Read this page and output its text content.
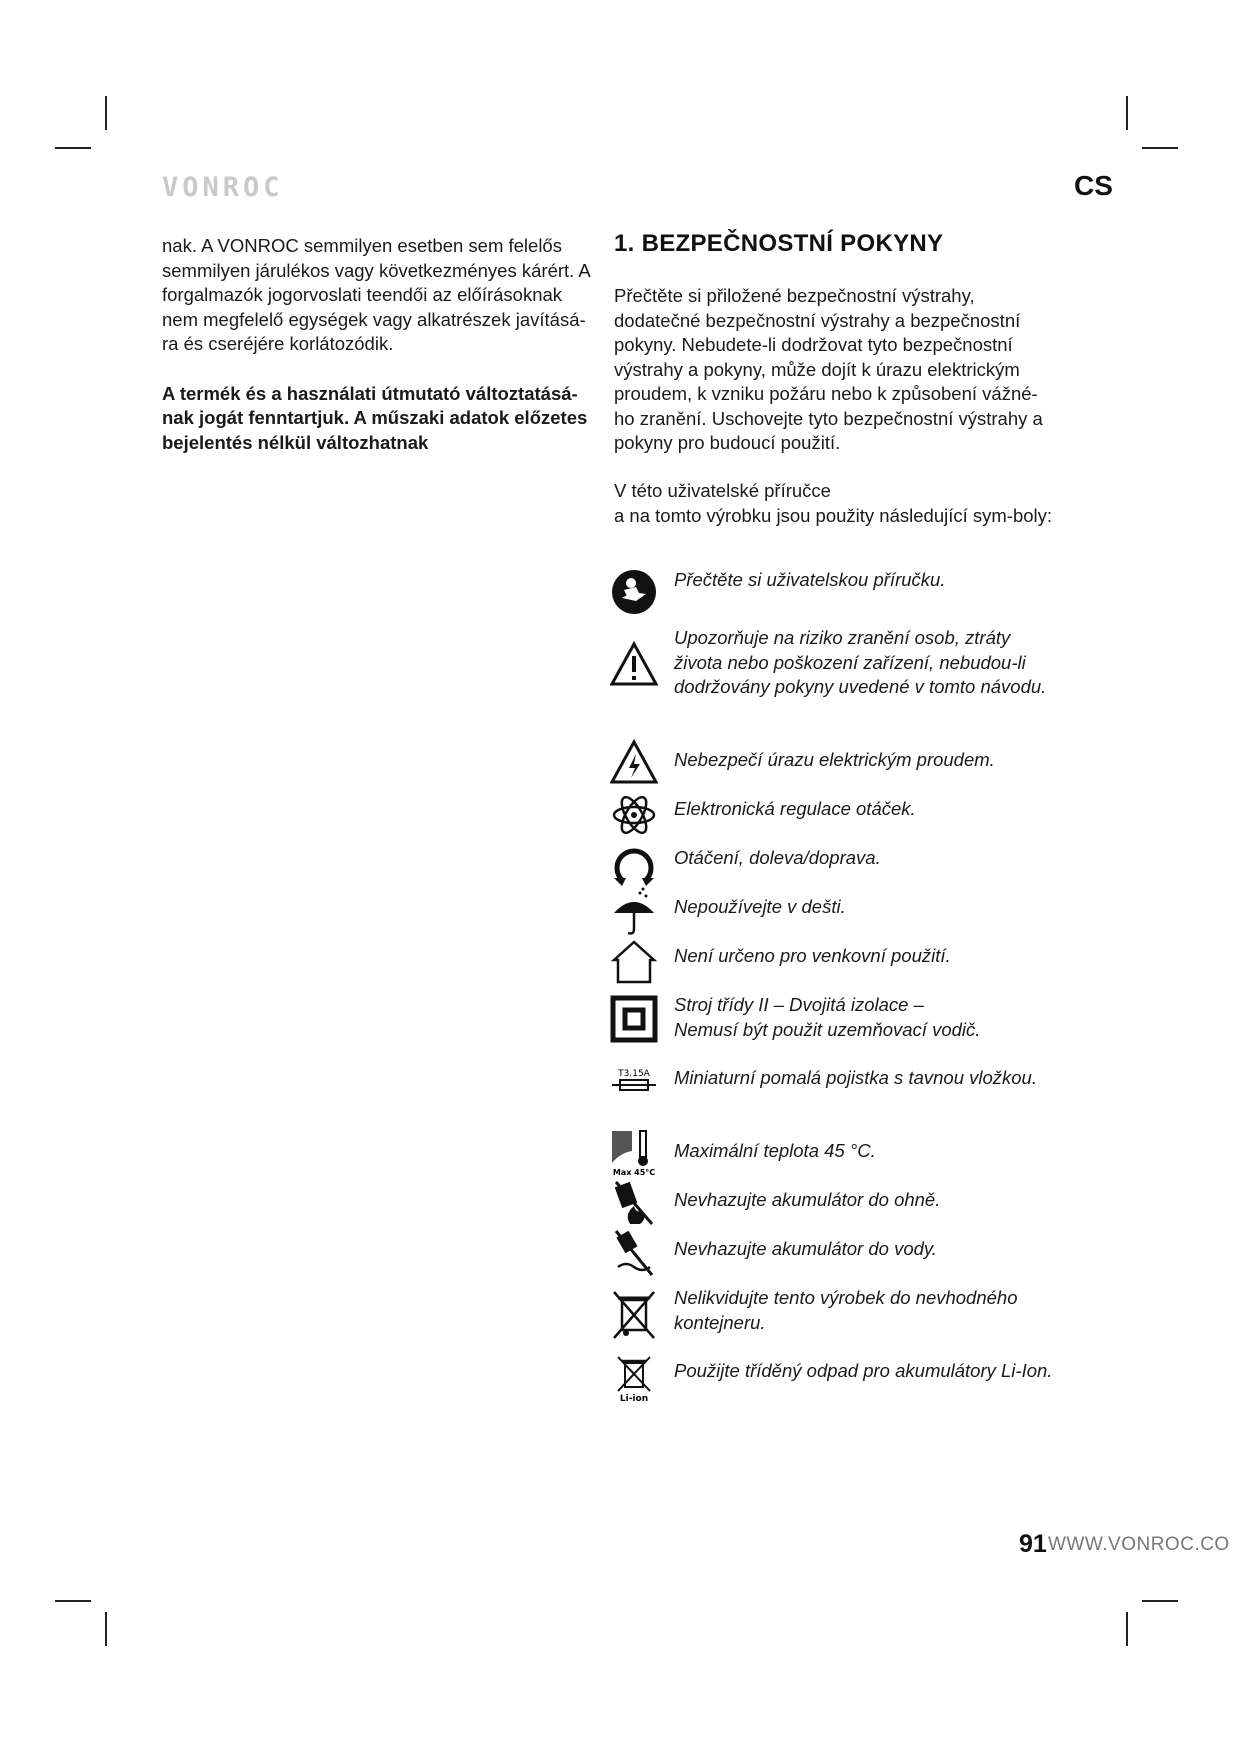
VONROC	CS

nak. A VONROC semmilyen esetben sem felelős semmilyen járulékos vagy következményes kárért. A forgalmazók jogorvoslati teendői az előírásoknak nem megfelelő egységek vagy alkatrészek javításá-ra és cseréjére korlátozódik.

A termék és a használati útmutató változtatásá-nak jogát fenntartjuk. A műszaki adatok előzetes bejelentés nélkül változhatnak

1. BEZPEČNOSTNÍ POKYNY
Přečtěte si přiložené bezpečnostní výstrahy, dodatečné bezpečnostní výstrahy a bezpečnostní pokyny. Nebudete-li dodržovat tyto bezpečnostní výstrahy a pokyny, může dojít k úrazu elektrickým proudem, k vzniku požáru nebo k způsobení vážné-ho zranění. Uschovejte tyto bezpečnostní výstrahy a pokyny pro budoucí použití.
V této uživatelské příručce
a na tomto výrobku jsou použity následující sym-boly:
Přečtěte si uživatelskou příručku.
Upozorňuje na riziko zranění osob, ztráty života nebo poškození zařízení, nebudou-li dodržovány pokyny uvedené v tomto návodu.
Nebezpečí úrazu elektrickým proudem.
Elektronická regulace otáček.
Otáčení, doleva/doprava.
Nepoužívejte v dešti.
Není určeno pro venkovní použití.
Stroj třídy II – Dvojitá izolace –
Nemusí být použit uzemňovací vodič.
T3.15A Miniaturní pomalá pojistka s tavnou vložkou.
Max 45°C
Maximální teplota 45 °C.
Nevhazujte akumulátor do ohně.
Nevhazujte akumulátor do vody.
Nelikvidujte tento výrobek do nevhodného kontejneru.
Li-ion
Použijte tříděný odpad pro akumulátory Li-Ion.
91 WWW.VONROC.CO
